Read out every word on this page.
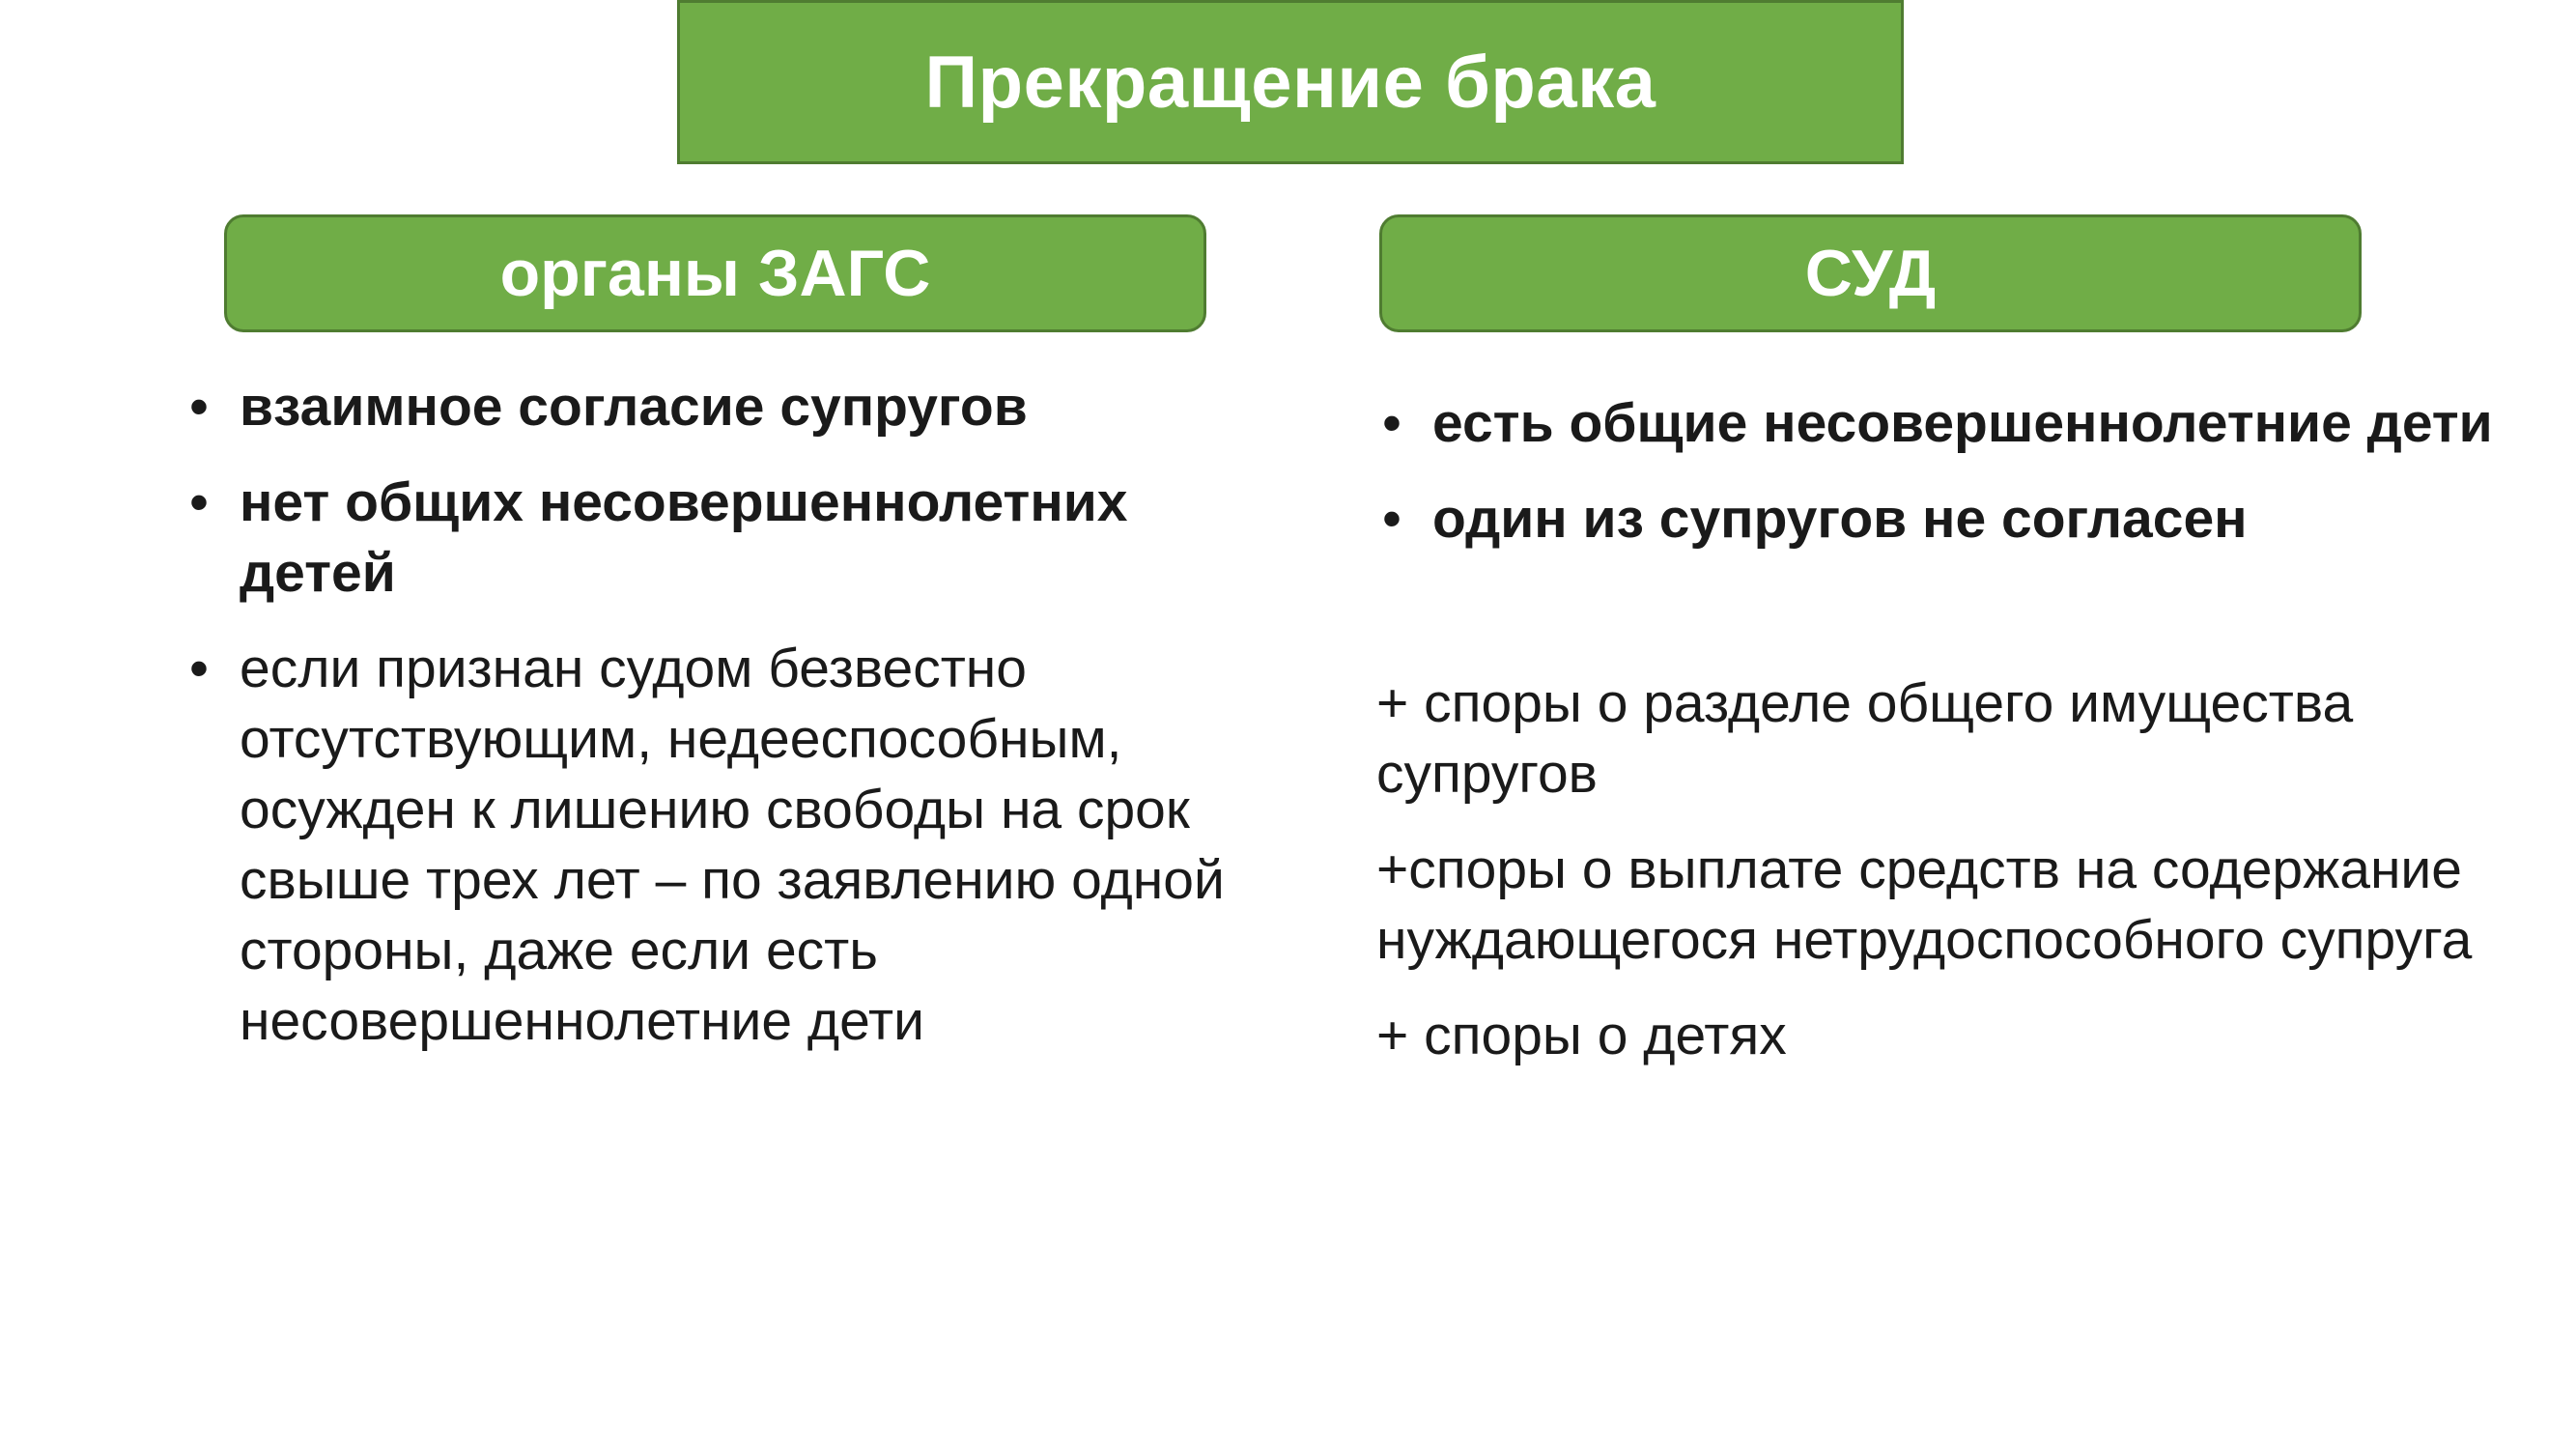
Прекращение брака
органы ЗАГС	СУД
• взаимное согласие супругов
• нет общих несовершеннолетних детей
• если признан судом безвестно отсутствующим, недееспособным, осужден к лишению свободы на срок свыше трех лет – по заявлению одной стороны, даже если есть несовершеннолетние дети
• есть общие несовершеннолетние дети
• один из супругов не согласен

+ споры о разделе общего имущества супругов

+споры о выплате средств на содержание нуждающегося нетрудоспособного супруга

+ споры о детях
